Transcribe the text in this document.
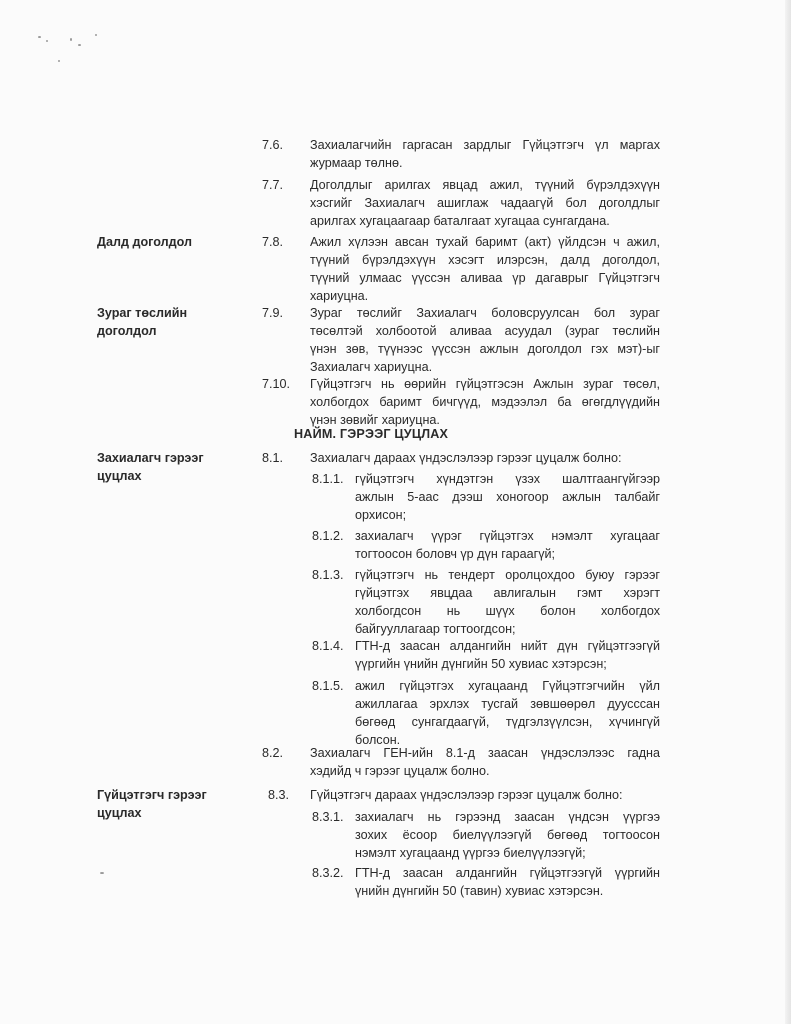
Далд доголдол
Зураг төслийн
доголдол
Захиалагч гэрээг
цуцлах
Гүйцэтгэгч гэрээг
цуцлах
НАЙМ. ГЭРЭЭГ ЦУЦЛАХ
7.6. Захиалагчийн гаргасан зардлыг Гүйцэтгэгч үл маргах
журмаар төлнө.
7.7. Доголдлыг арилгах явцад ажил, түүний бүрэлдэхүүн
хэсгийг Захиалагч ашиглаж чадаагүй бол доголдлыг
арилгах хугацаагаар баталгаат хугацаа сунгагдана.
7.8. Ажил хүлээн авсан тухай баримт (акт) үйлдсэн ч ажил,
түүний бүрэлдэхүүн хэсэгт илэрсэн, далд доголдол,
түүний улмаас үүссэн аливаа үр дагаврыг Гүйцэтгэгч
хариуцна.
7.9. Зураг төслийг Захиалагч боловсруулсан бол зураг
төсөлтэй холбоотой аливаа асуудал (зураг төслийн
үнэн зөв, түүнээс үүссэн ажлын доголдол гэх мэт)-ыг
Захиалагч хариуцна.
7.10. Гүйцэтгэгч нь өөрийн гүйцэтгэсэн Ажлын зураг төсөл,
холбогдох баримт бичгүүд, мэдээлэл ба өгөгдлүүдийн
үнэн зөвийг хариуцна.
8.1. Захиалагч дараах үндэслэлээр гэрээг цуцалж болно:
8.1.1. гүйцэтгэгч хүндэтгэн үзэх шалтгаангүйгээр
ажлын 5-аас дээш хоногоор ажлын талбайг
орхисон;
8.1.2. захиалагч үүрэг гүйцэтгэх нэмэлт хугацааг
тогтоосон боловч үр дүн гараагүй;
8.1.3. гүйцэтгэгч нь тендерт оролцохдоо буюу гэрээг
гүйцэтгэх явцдаа авлигалын гэмт хэрэгт
холбогдсон нь шүүх болон холбогдох
байгууллагаар тогтоогдсон;
8.1.4. ГТН-д заасан алдангийн нийт дүн гүйцэтгээгүй
үүргийн үнийн дүнгийн 50 хувиас хэтэрсэн;
8.1.5. ажил гүйцэтгэх хугацаанд Гүйцэтгэгчийн үйл
ажиллагаа эрхлэх тусгай зөвшөөрөл дуусссан
бөгөөд сунгагдаагүй, түдгэлзүүлсэн, хүчингүй
болсон.
8.2. Захиалагч ГЕН-ийн 8.1-д заасан үндэслэлээс гадна
хэдийд ч гэрээг цуцалж болно.
8.3. Гүйцэтгэгч дараах үндэслэлээр гэрээг цуцалж болно:
8.3.1. захиалагч нь гэрээнд заасан үндсэн үүргээ
зохих ёсоор биелүүлээгүй бөгөөд тогтоосон
нэмэлт хугацаанд үүргээ биелүүлээгүй;
8.3.2. ГТН-д заасан алдангийн гүйцэтгээгүй үүргийн
үнийн дүнгийн 50 (тавин) хувиас хэтэрсэн.
